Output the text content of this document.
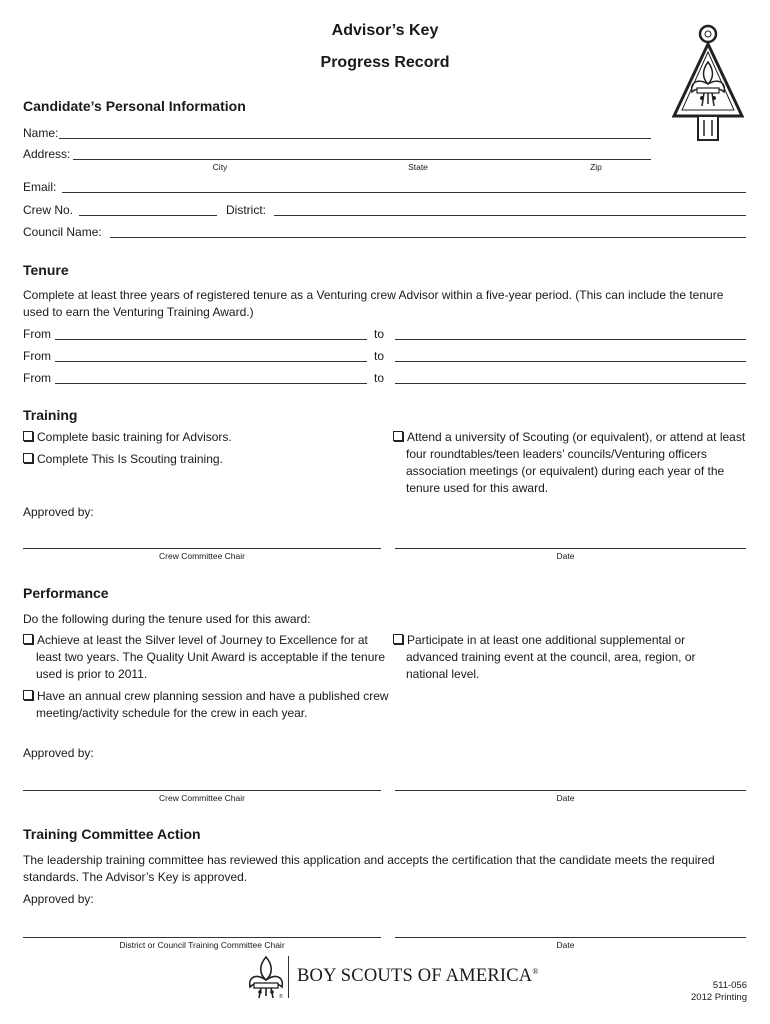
Advisor’s Key
Progress Record
Candidate’s Personal Information
Name:
Address:
City	State	Zip
Email:
Crew No.	District:
Council Name:
Tenure
Complete at least three years of registered tenure as a Venturing crew Advisor within a five-year period. (This can include the tenure used to earn the Venturing Training Award.)
From	to
From	to
From	to
Training
Complete basic training for Advisors.
Complete This Is Scouting training.
Attend a university of Scouting (or equivalent), or attend at least four roundtables/teen leaders’ councils/Venturing officers association meetings (or equivalent) during each year of the tenure used for this award.
Approved by:
Crew Committee Chair	Date
Performance
Do the following during the tenure used for this award:
Achieve at least the Silver level of Journey to Excellence for at least two years. The Quality Unit Award is acceptable if the tenure used is prior to 2011.
Have an annual crew planning session and have a published crew meeting/activity schedule for the crew in each year.
Participate in at least one additional supplemental or advanced training event at the council, area, region, or national level.
Approved by:
Crew Committee Chair	Date
Training Committee Action
The leadership training committee has reviewed this application and accepts the certification that the candidate meets the required standards. The Advisor’s Key is approved.
Approved by:
District or Council Training Committee Chair	Date
®
BOY SCOUTS OF AMERICA®
511-056
2012 Printing
